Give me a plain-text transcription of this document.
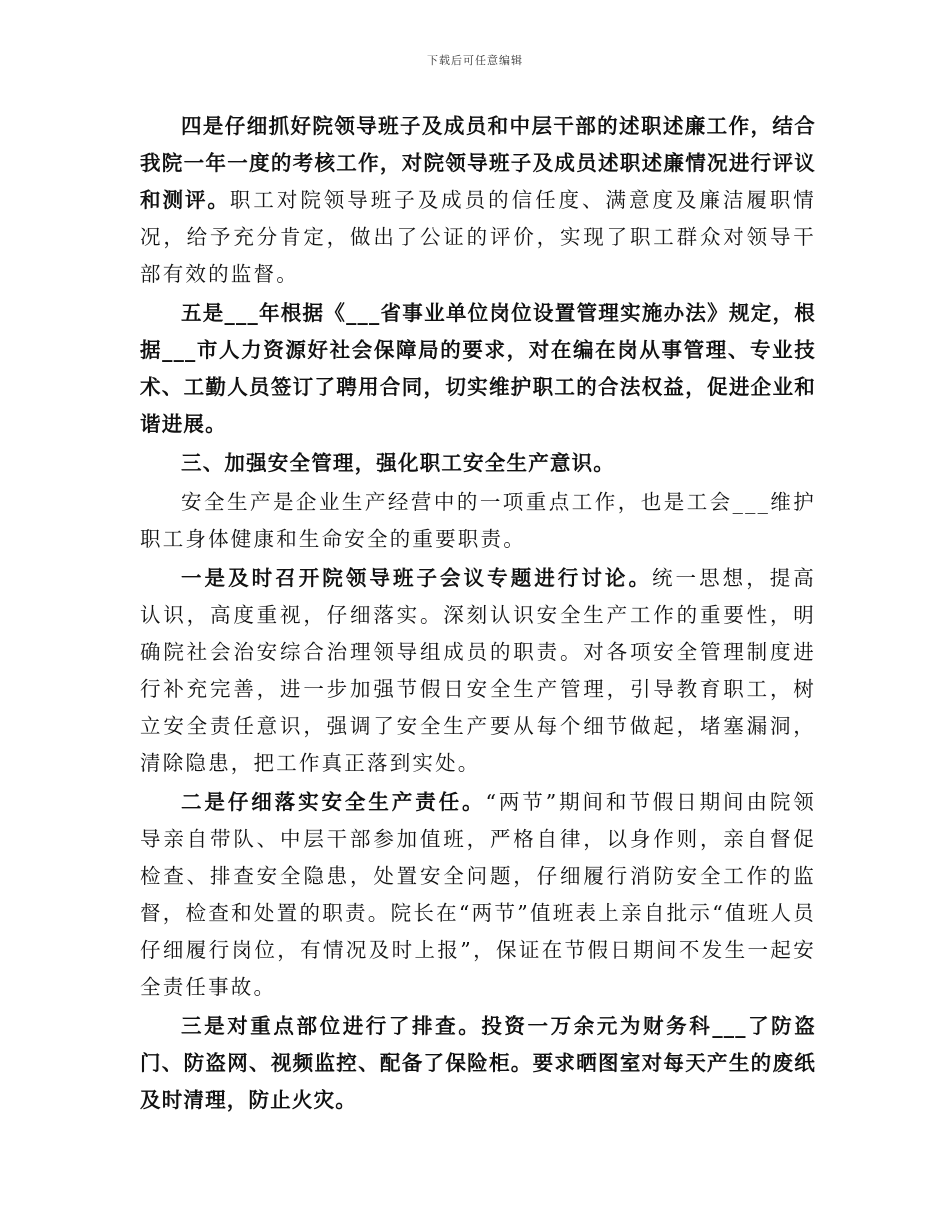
下载后可任意编辑

四是仔细抓好院领导班子及成员和中层干部的述职述廉工作，结合我院一年一度的考核工作，对院领导班子及成员述职述廉情况进行评议和测评。职工对院领导班子及成员的信任度、满意度及廉洁履职情况，给予充分肯定，做出了公证的评价，实现了职工群众对领导干部有效的监督。

五是___年根据《___省事业单位岗位设置管理实施办法》规定，根据___市人力资源好社会保障局的要求，对在编在岗从事管理、专业技术、工勤人员签订了聘用合同，切实维护职工的合法权益，促进企业和谐进展。

三、加强安全管理，强化职工安全生产意识。

安全生产是企业生产经营中的一项重点工作，也是工会___维护职工身体健康和生命安全的重要职责。

一是及时召开院领导班子会议专题进行讨论。统一思想，提高认识，高度重视，仔细落实。深刻认识安全生产工作的重要性，明确院社会治安综合治理领导组成员的职责。对各项安全管理制度进行补充完善，进一步加强节假日安全生产管理，引导教育职工，树立安全责任意识，强调了安全生产要从每个细节做起，堵塞漏洞，清除隐患，把工作真正落到实处。

二是仔细落实安全生产责任。“两节”期间和节假日期间由院领导亲自带队、中层干部参加值班，严格自律，以身作则，亲自督促检查、排查安全隐患，处置安全问题，仔细履行消防安全工作的监督，检查和处置的职责。院长在“两节”值班表上亲自批示“值班人员仔细履行岗位，有情况及时上报”，保证在节假日期间不发生一起安全责任事故。

三是对重点部位进行了排查。投资一万余元为财务科___了防盗门、防盗网、视频监控、配备了保险柜。要求晒图室对每天产生的废纸及时清理，防止火灾。
